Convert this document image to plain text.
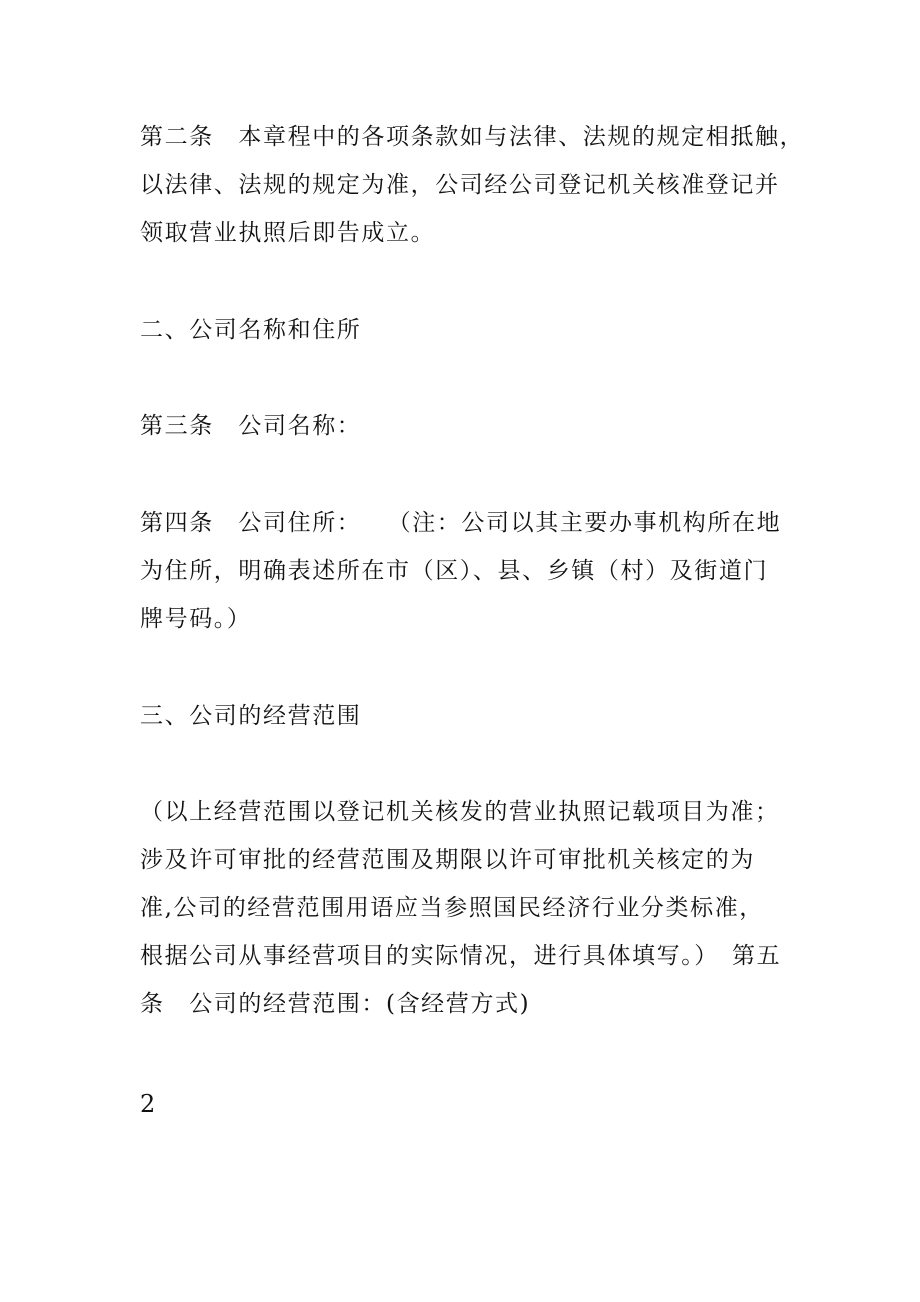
第二条　本章程中的各项条款如与法律、法规的规定相抵触，
以法律、法规的规定为准，公司经公司登记机关核准登记并
领取营业执照后即告成立。
二、公司名称和住所
第三条　公司名称：
第四条　公司住所：　　（注：公司以其主要办事机构所在地
为住所，明确表述所在市（区）、县、乡镇（村）及街道门
牌号码。）
三、公司的经营范围
（以上经营范围以登记机关核发的营业执照记载项目为准；
涉及许可审批的经营范围及期限以许可审批机关核定的为
准,公司的经营范围用语应当参照国民经济行业分类标准，
根据公司从事经营项目的实际情况，进行具体填写。）　第五
条　公司的经营范围：(含经营方式)
2
